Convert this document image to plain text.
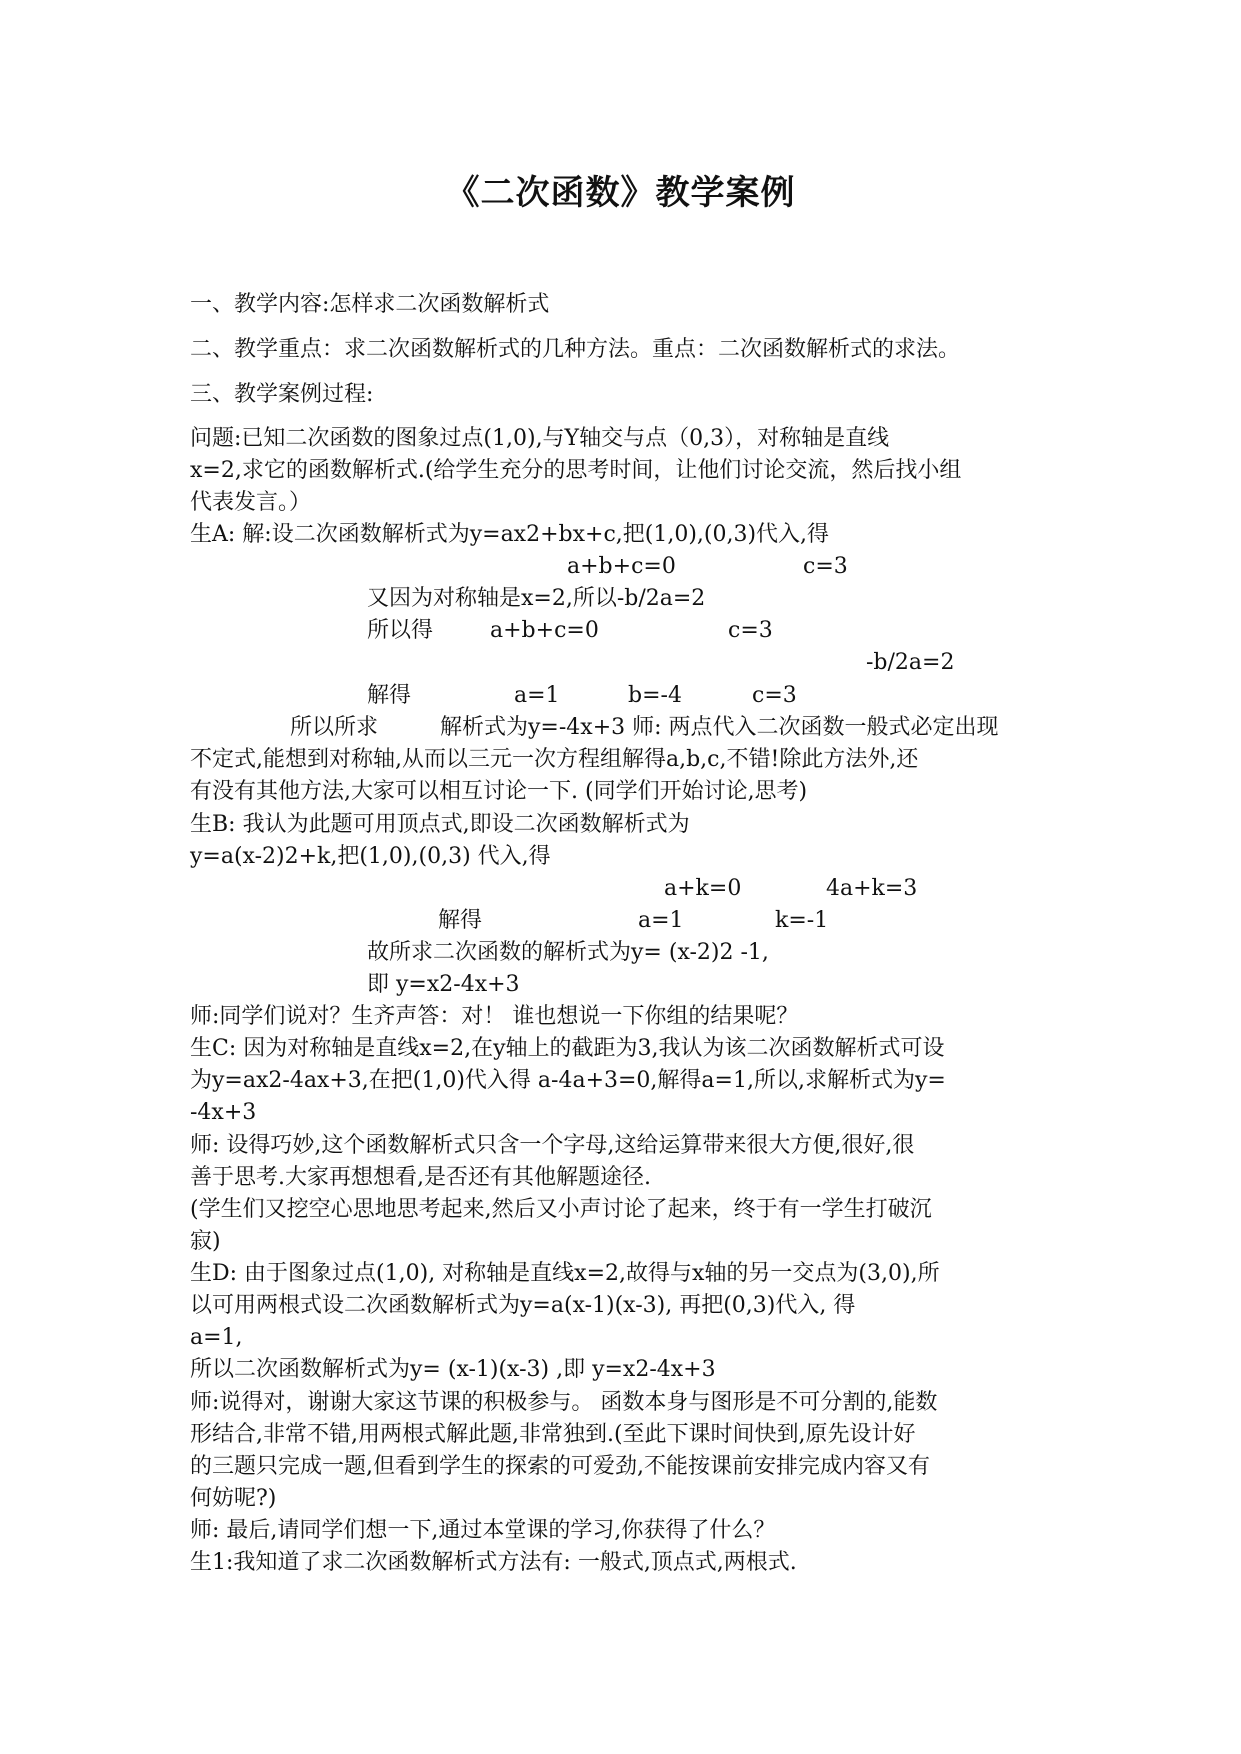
《二次函数》教学案例

一、教学内容:怎样求二次函数解析式

二、教学重点：求二次函数解析式的几种方法。重点：二次函数解析式的求法。

三、教学案例过程:

问题:已知二次函数的图象过点(1,0),与Y轴交与点（0,3），对称轴是直线

x=2,求它的函数解析式.(给学生充分的思考时间，让他们讨论交流，然后找小组

代表发言。）

生A: 解:设二次函数解析式为y=ax2+bx+c,把(1,0),(0,3)代入,得

a+b+c=0	c=3

又因为对称轴是x=2,所以-b/2a=2

所以得	a+b+c=0	c=3

-b/2a=2

解得	a=1	b=-4	c=3

所以所求	解析式为y=-4x+3 师: 两点代入二次函数一般式必定出现

不定式,能想到对称轴,从而以三元一次方程组解得a,b,c,不错!除此方法外,还

有没有其他方法,大家可以相互讨论一下. (同学们开始讨论,思考)

生B: 我认为此题可用顶点式,即设二次函数解析式为

y=a(x-2)2+k,把(1,0),(0,3) 代入,得

a+k=0	4a+k=3

解得	a=1	k=-1

故所求二次函数的解析式为y= (x-2)2 -1,

即 y=x2-4x+3

师:同学们说对？生齐声答：对！ 谁也想说一下你组的结果呢？

生C: 因为对称轴是直线x=2,在y轴上的截距为3,我认为该二次函数解析式可设

为y=ax2-4ax+3,在把(1,0)代入得 a-4a+3=0,解得a=1,所以,求解析式为y=

-4x+3

师: 设得巧妙,这个函数解析式只含一个字母,这给运算带来很大方便,很好,很

善于思考.大家再想想看,是否还有其他解题途径.

(学生们又挖空心思地思考起来,然后又小声讨论了起来，终于有一学生打破沉

寂)

生D: 由于图象过点(1,0), 对称轴是直线x=2,故得与x轴的另一交点为(3,0),所

以可用两根式设二次函数解析式为y=a(x-1)(x-3), 再把(0,3)代入, 得

a=1,

所以二次函数解析式为y= (x-1)(x-3) ,即 y=x2-4x+3

师:说得对，谢谢大家这节课的积极参与。 函数本身与图形是不可分割的,能数

形结合,非常不错,用两根式解此题,非常独到.(至此下课时间快到,原先设计好

的三题只完成一题,但看到学生的探索的可爱劲,不能按课前安排完成内容又有

何妨呢?)

师: 最后,请同学们想一下,通过本堂课的学习,你获得了什么？

生1:我知道了求二次函数解析式方法有: 一般式,顶点式,两根式.
